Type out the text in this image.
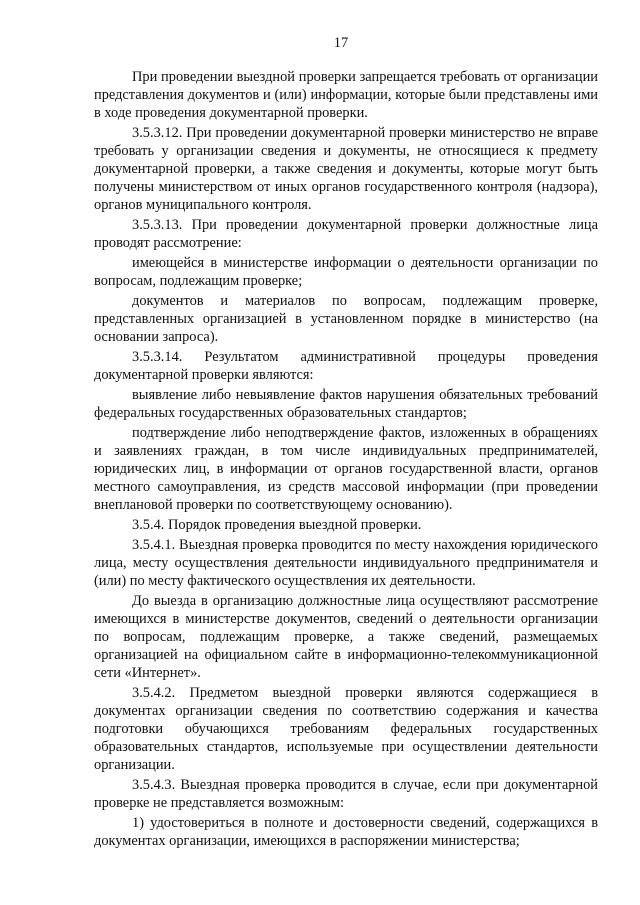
17

При проведении выездной проверки запрещается требовать от организации представления документов и (или) информации, которые были представлены ими в ходе проведения документарной проверки.

3.5.3.12. При проведении документарной проверки министерство не вправе требовать у организации сведения и документы, не относящиеся к предмету документарной проверки, а также сведения и документы, которые могут быть получены министерством от иных органов государственного контроля (надзора), органов муниципального контроля.

3.5.3.13. При проведении документарной проверки должностные лица проводят рассмотрение:

имеющейся в министерстве информации о деятельности организации по вопросам, подлежащим проверке;

документов и материалов по вопросам, подлежащим проверке, представленных организацией в установленном порядке в министерство (на основании запроса).

3.5.3.14. Результатом административной процедуры проведения документарной проверки являются:

выявление либо невыявление фактов нарушения обязательных требований федеральных государственных образовательных стандартов;

подтверждение либо неподтверждение фактов, изложенных в обращениях и заявлениях граждан, в том числе индивидуальных предпринимателей, юридических лиц, в информации от органов государственной власти, органов местного самоуправления, из средств массовой информации (при проведении внеплановой проверки по соответствующему основанию).

3.5.4. Порядок проведения выездной проверки.

3.5.4.1. Выездная проверка проводится по месту нахождения юридического лица, месту осуществления деятельности индивидуального предпринимателя и (или) по месту фактического осуществления их деятельности.

До выезда в организацию должностные лица осуществляют рассмотрение имеющихся в министерстве документов, сведений о деятельности организации по вопросам, подлежащим проверке, а также сведений, размещаемых организацией на официальном сайте в информационно-телекоммуникационной сети «Интернет».

3.5.4.2. Предметом выездной проверки являются содержащиеся в документах организации сведения по соответствию содержания и качества подготовки обучающихся требованиям федеральных государственных образовательных стандартов, используемые при осуществлении деятельности организации.

3.5.4.3. Выездная проверка проводится в случае, если при документарной проверке не представляется возможным:

1) удостовериться в полноте и достоверности сведений, содержащихся в документах организации, имеющихся в распоряжении министерства;
